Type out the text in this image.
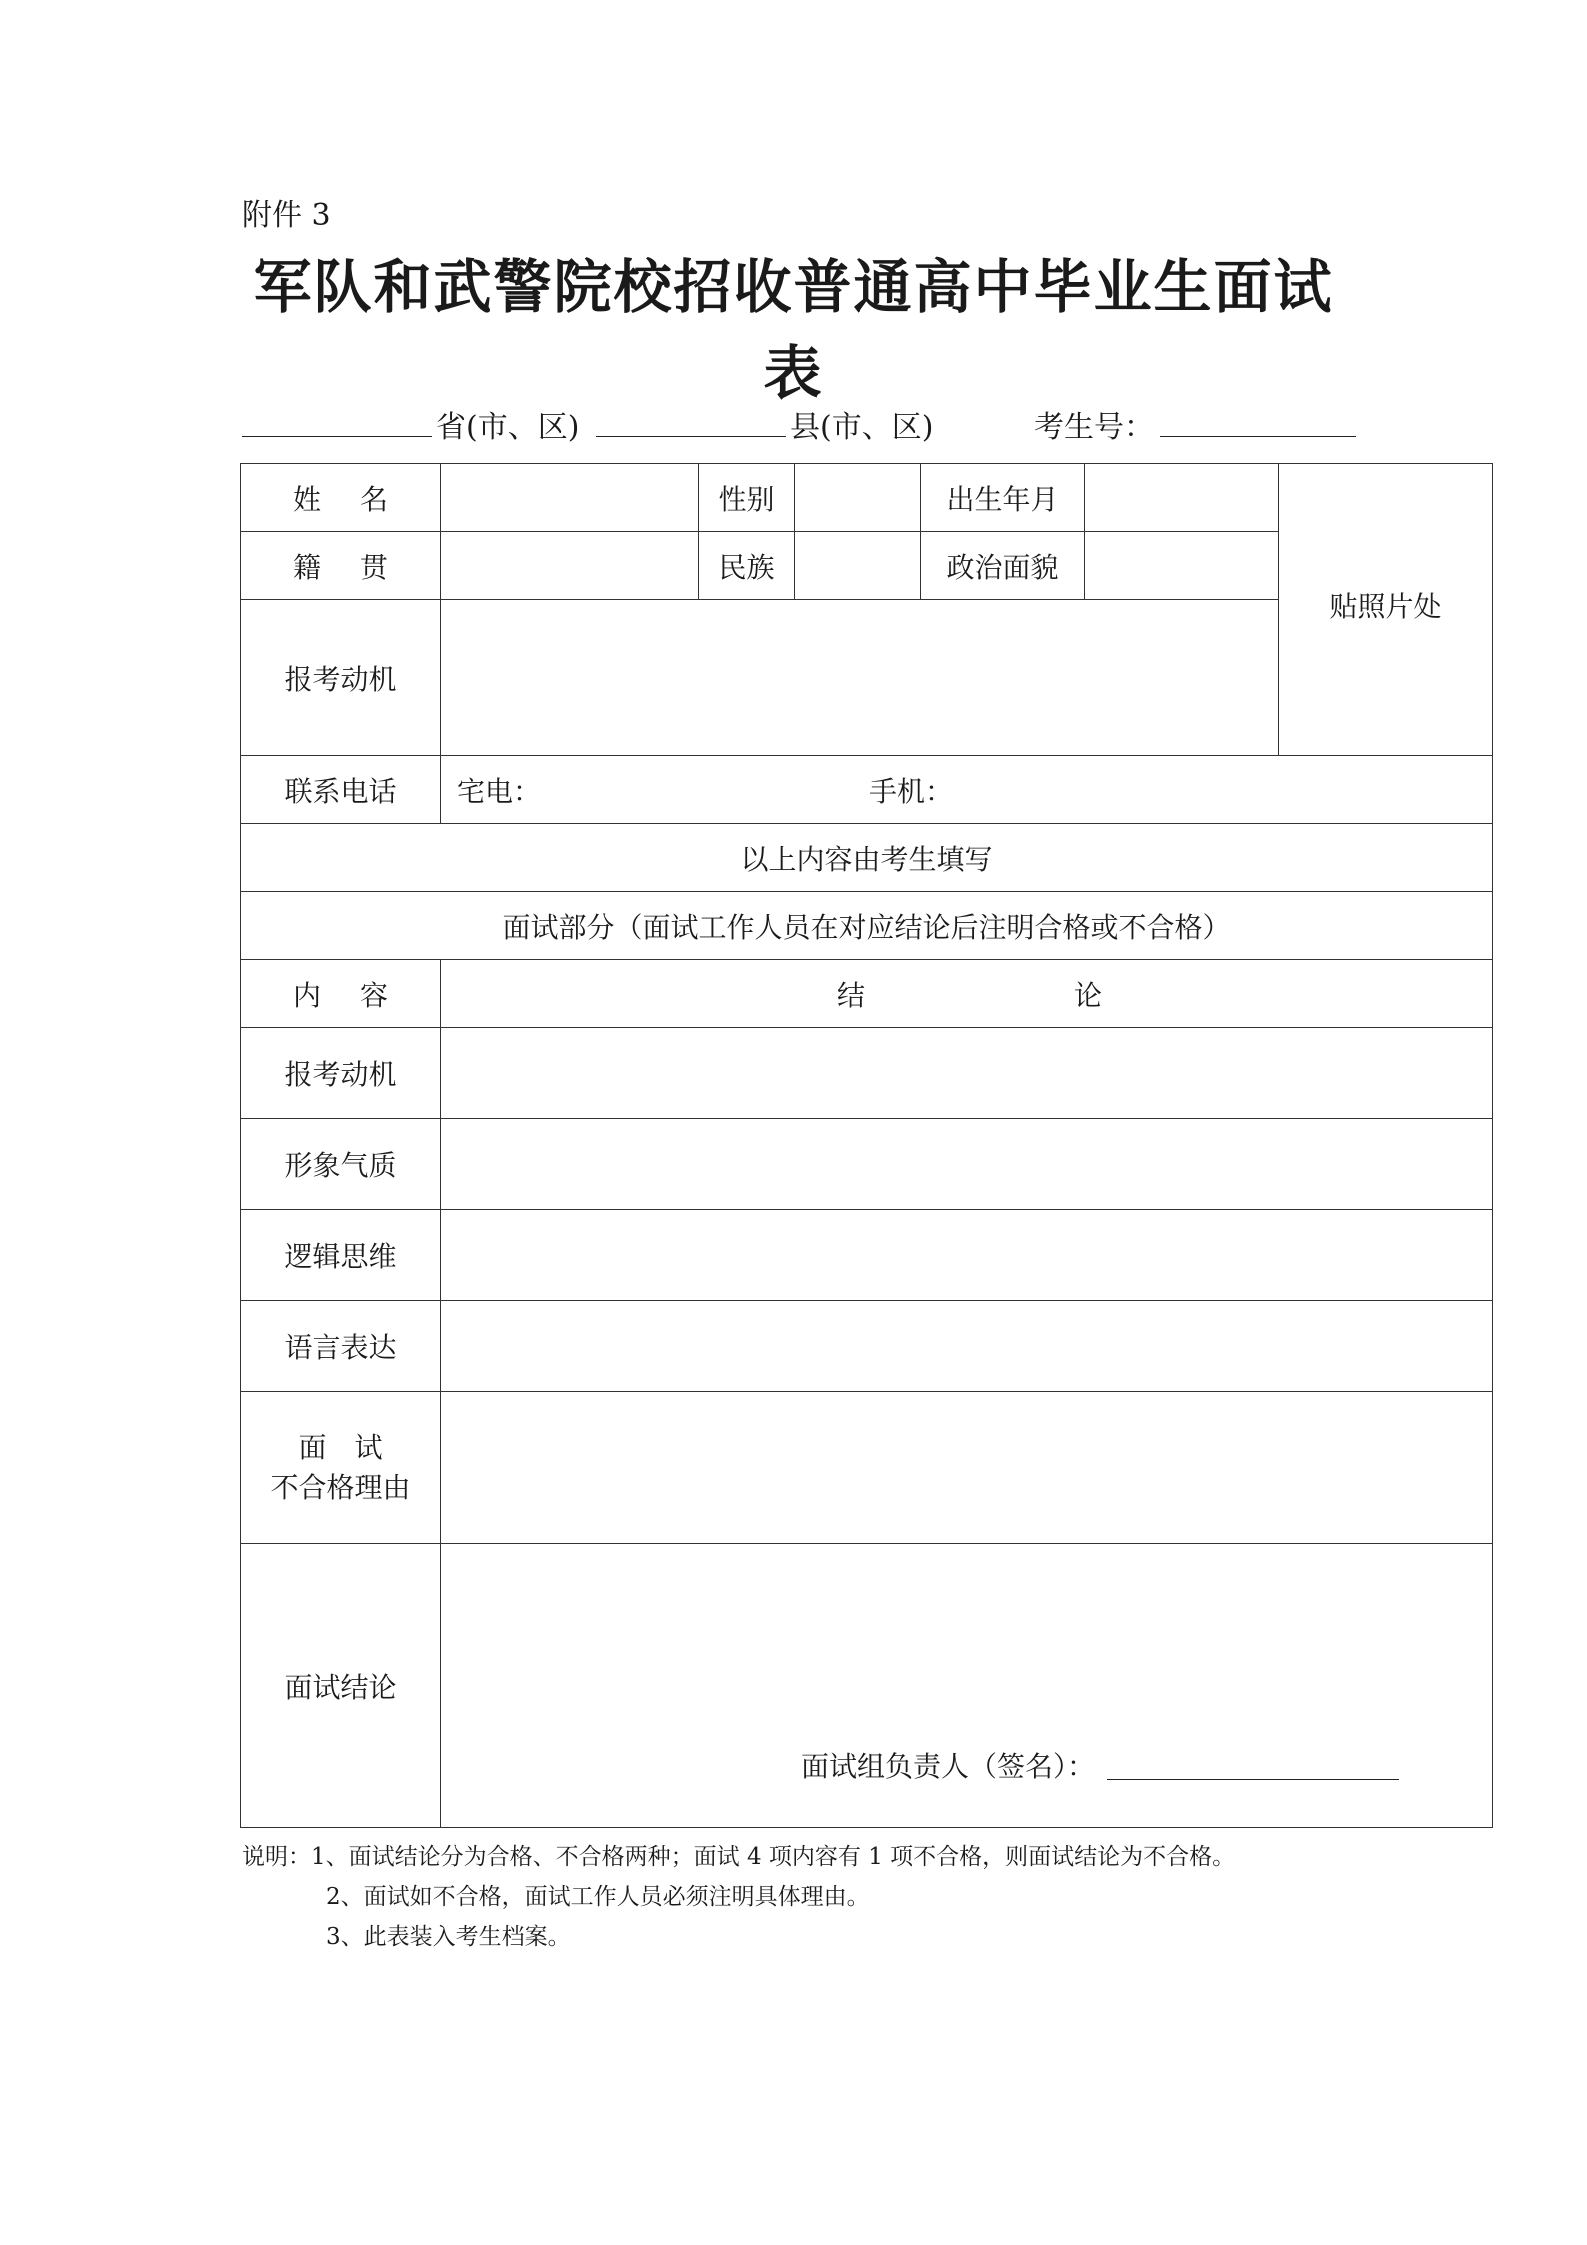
附件 3
军队和武警院校招收普通高中毕业生面试
表
省(市、区)	县(市、区)	考生号：
姓 名		性别		出生年月		贴照片处

籍 贯		民族		政治面貌		
报考动机						
联系电话	宅电： 手机：					
以上内容由考生填写						
面试部分（面试工作人员在对应结论后注明合格或不合格）						

内 容	结 论					

报考动机						
形象气质						
逻辑思维						
语言表达						

面　试
不合格理由						

面试结论	面试组负责人（签名）：					
说明：1、面试结论分为合格、不合格两种；面试 4 项内容有 1 项不合格，则面试结论为不合格。
2、面试如不合格，面试工作人员必须注明具体理由。
3、此表装入考生档案。
